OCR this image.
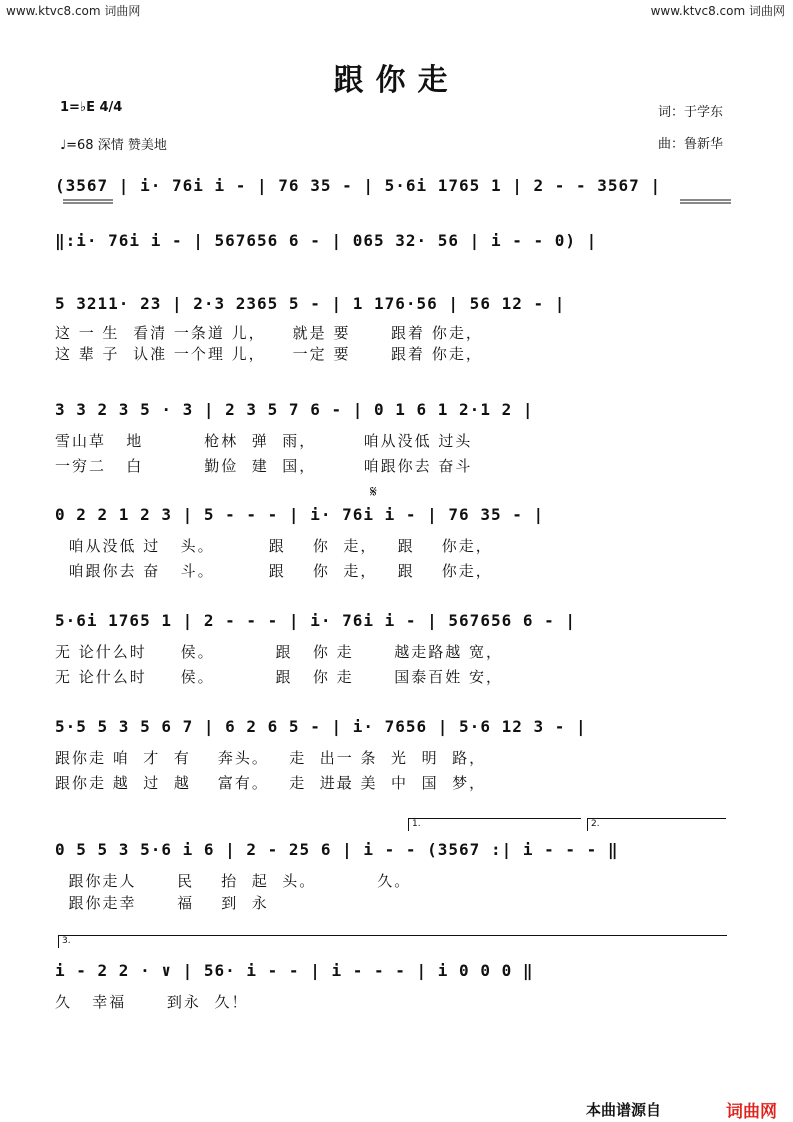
www.ktvc8.com 词曲网	www.ktvc8.com 词曲网
跟你走
1=♭E 4/4
♩=68 深情 赞美地
词：于学东
曲：鲁新华
(3567 | i· 76i i - | 76 35 - | 5·6i 1765 1 | 2 - - 3567 |
‖:i· 76i i - | 567656 6 - | 065 32· 56 | i - - 0) |
5 3211· 23 | 2·3 2365 5 - | 1 176·56 | 56 12 - |
这 一 生  看清 一条道 儿，    就是 要      跟着 你走，
这 辈 子  认准 一个理 儿，    一定 要      跟着 你走，
3 3 2 3 5 · 3 | 2 3 5 7 6 - | 0 1 6 1 2·1 2 |
雪山草   地         枪林  弹  雨，       咱从没低 过头
一穷二   白         勤俭  建  国，       咱跟你去 奋斗
𝄋
0 2 2 1 2 3 | 5 - - - | i· 76i i - | 76 35 - |
咱从没低 过   头。        跟    你  走，   跟    你走，
咱跟你去 奋   斗。        跟    你  走，   跟    你走，
5·6i 1765 1 | 2 - - - | i· 76i i - | 567656 6 - |
无 论什么时     侯。         跟   你 走      越走路越 宽，
无 论什么时     侯。         跟   你 走      国泰百姓 安，
5·5 5 3 5 6 7 | 6 2 6 5 - | i· 7656 | 5·6 12 3 - |
跟你走 咱  才  有    奔头。   走  出一 条  光  明  路，
跟你走 越  过  越    富有。   走  进最 美  中  国  梦，
1.	2.
0 5 5 3 5·6 i 6 | 2 - 25 6 | i - - (3567 :| i - - - ‖
跟你走人      民    抬  起  头。         久。
跟你走幸      福    到  永
3.
i - 2 2 · ∨ | 56· i - - | i - - - | i 0 0 0 ‖
久   幸福      到永  久！
本曲谱源自	词曲网
